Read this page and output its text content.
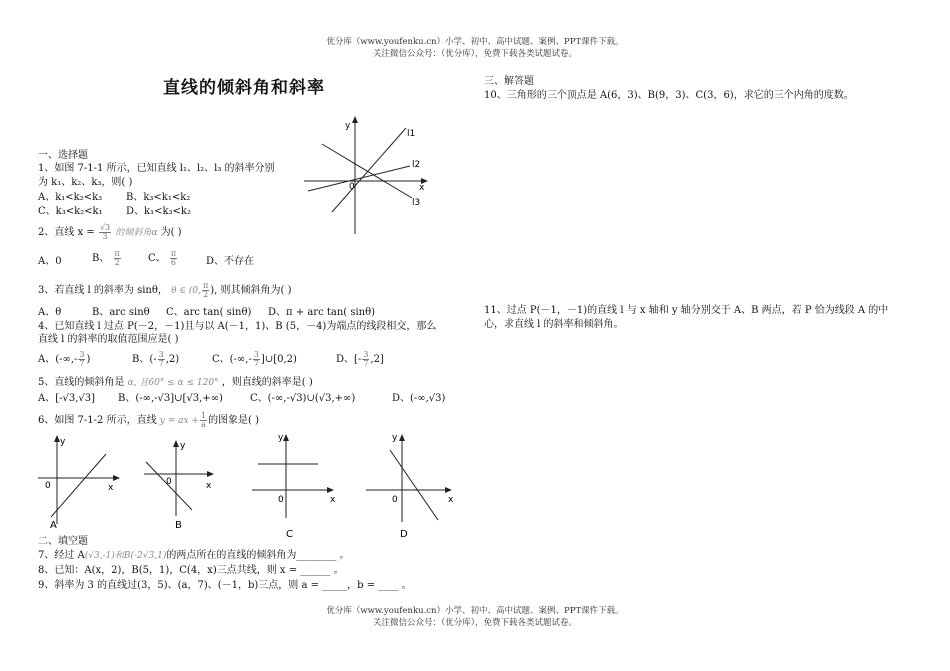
优分库（www.youfenku.cn）小学、初中、高中试题、案例、PPT课件下载。
关注微信公众号：（优分库），免费下载各类试题试卷。
直线的倾斜角和斜率
一、选择题
1、如图 7-1-1 所示，已知直线 l₁、l₂、l₃ 的斜率分别
为 k₁、k₂、k₃，则( )
A、k₁<k₂<k₃ B、k₃<k₁<k₂
C、k₃<k₂<k₁ D、k₁<k₃<k₂
y
x
0
l1
l2
l3
2、直线 $x = \frac{√3}{3}$ 的倾斜角α 为( )
A、0	B、 $\frac{\pi}{2}$	C、 $\frac{\pi}{6}$	D、不存在
3、若直线 l 的斜率为 sinθ， θ ∈ (0, $\frac{\pi}{2}$ ), 则其倾斜角为( )
A、θ	B、arc sinθ C、arc tan( sinθ) D、π + arc tan( sinθ)
4、已知直线 l 过点 P(－2，－1)且与以 A(－1，1)、B (5，－4)为端点的线段相交，那么
直线 l 的斜率的取值范围应是( )
A、(-∞,- $\frac{3}{7}$ )	B、(- $\frac{3}{7} ,2$)	C、(-∞,- $\frac{3}{7}$ ]∪[0,2)	D、[- $\frac{3}{7} ,2$]
5、直线的倾斜角是 α, 且60° ≤ α ≤ 120° ，则直线的斜率是( )
A、[-√3,√3] B、(-∞,-√3]∪[√3,+∞)	C、(-∞,-√3)∪(√3,+∞)	D、(-∞,√3)
6、如图 7-1-2 所示，直线 y = ax + $\frac{1}{a}$ 的图象是( )
y
0	x
A
y
0	x
B
y
0	x
C
y
0	x
D
二、填空题
7、经过 A(√3,-1)和B(-2√3,1)的两点所在的直线的倾斜角为________ 。
8、已知：A(x，2)，B(5，1)，C(4，x)三点共线，则 x = ______ 。
9、斜率为 3 的直线过(3，5)、(a，7)、(－1，b)三点，则 a = _____，b = ____ 。
三、解答题
10、三角形的三个顶点是 A(6，3)、B(9，3)、C(3，6)，求它的三个内角的度数。
11、过点 P(－1，－1)的直线 l 与 x 轴和 y 轴分别交于 A、B 两点，若 P 恰为线段 A 的中
心，求直线 l 的斜率和倾斜角。
优分库（www.youfenku.cn）小学、初中、高中试题、案例、PPT课件下载。
关注微信公众号：（优分库），免费下载各类试题试卷。
